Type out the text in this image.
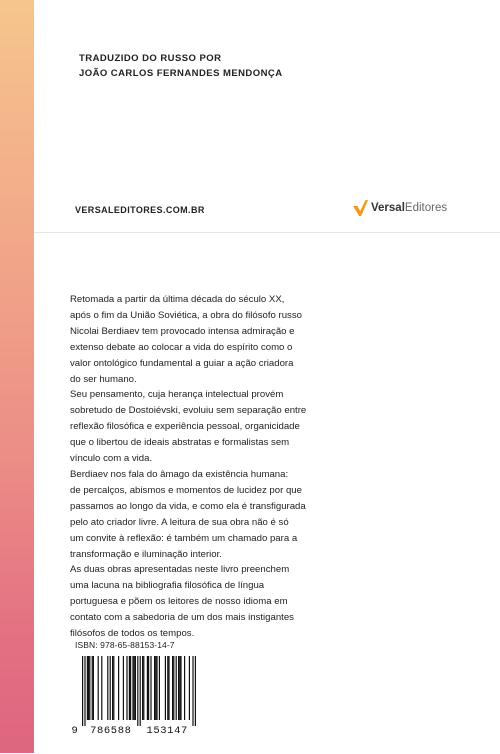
TRADUZIDO DO RUSSO POR
JOÃO CARLOS FERNANDES MENDONÇA
VERSALEDITORES.COM.BR	Versal Editores
Retomada a partir da última década do século XX,
após o fim da União Soviética, a obra do filósofo russo
Nicolai Berdiaev tem provocado intensa admiração e
extenso debate ao colocar a vida do espírito como o
valor ontológico fundamental a guiar a ação criadora
do ser humano.
Seu pensamento, cuja herança intelectual provém
sobretudo de Dostoiévski, evoluiu sem separação entre
reflexão filosófica e experiência pessoal, organicidade
que o libertou de ideais abstratas e formalistas sem
vínculo com a vida.
Berdiaev nos fala do âmago da existência humana:
de percalços, abismos e momentos de lucidez por que
passamos ao longo da vida, e como ela é transfigurada
pelo ato criador livre. A leitura de sua obra não é só
um convite à reflexão: é também um chamado para a
transformação e iluminação interior.
As duas obras apresentadas neste livro preenchem
uma lacuna na bibliografia filosófica de língua
portuguesa e põem os leitores de nosso idioma em
contato com a sabedoria de um dos mais instigantes
filósofos de todos os tempos.
ISBN: 978-65-88153-14-7
9 786588 153147
